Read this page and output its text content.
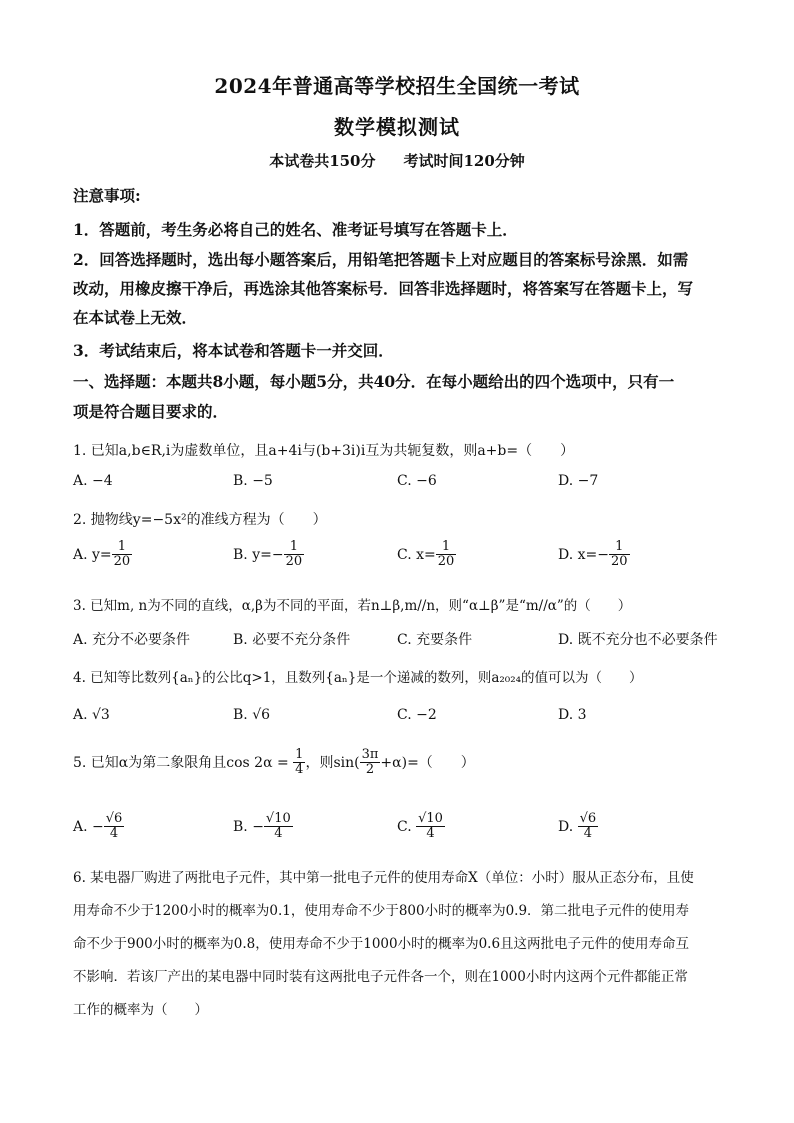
2024年普通高等学校招生全国统一考试
数学模拟测试
本试卷共150分 考试时间120分钟
注意事项:
1．答题前，考生务必将自己的姓名、准考证号填写在答题卡上．
2．回答选择题时，选出每小题答案后，用铅笔把答题卡上对应题目的答案标号涂黑．如需
改动，用橡皮擦干净后，再选涂其他答案标号．回答非选择题时，将答案写在答题卡上，写
在本试卷上无效．
3．考试结束后，将本试卷和答题卡一并交回．
一、选择题：本题共8小题，每小题5分，共40分．在每小题给出的四个选项中，只有一
项是符合题目要求的．
1. 已知a,b∈R,i为虚数单位，且a+4i与(b+3i)i互为共轭复数，则a+b=（　　）
A. −4	B. −5	C. −6	D. −7
2. 抛物线y=−5x²的准线方程为（　　）
A. $y= \frac{1}{20}$	B. $y=- \frac{1}{20}$	C. $x= \frac{1}{20}$	D. $x=- \frac{1}{20}$
3. 已知m, n为不同的直线，α,β为不同的平面，若n⊥β,m//n，则“α⊥β”是“m//α”的（　　）
A. 充分不必要条件	B. 必要不充分条件	C. 充要条件	D. 既不充分也不必要条件
4. 已知等比数列{aₙ}的公比q>1，且数列{aₙ}是一个递减的数列，则a₂₀₂₄的值可以为（　　）
A. √3	B. √6	C. −2	D. 3
5. 已知α为第二象限角且$\cos 2\alpha = \frac{1}{4}$ ，则$\sin( \frac{3\pi}{2} +\alpha)=$（　　）
A. − $\frac{√6}{4}$	B. − $\frac{√10}{4}$	C. $\frac{√10}{4}$	D. $\frac{√6}{4}$
6. 某电器厂购进了两批电子元件，其中第一批电子元件的使用寿命X（单位：小时）服从正态分布，且使
用寿命不少于1200小时的概率为0.1，使用寿命不少于800小时的概率为0.9．第二批电子元件的使用寿
命不少于900小时的概率为0.8，使用寿命不少于1000小时的概率为0.6且这两批电子元件的使用寿命互
不影响．若该厂产出的某电器中同时装有这两批电子元件各一个，则在1000小时内这两个元件都能正常
工作的概率为（　　）
